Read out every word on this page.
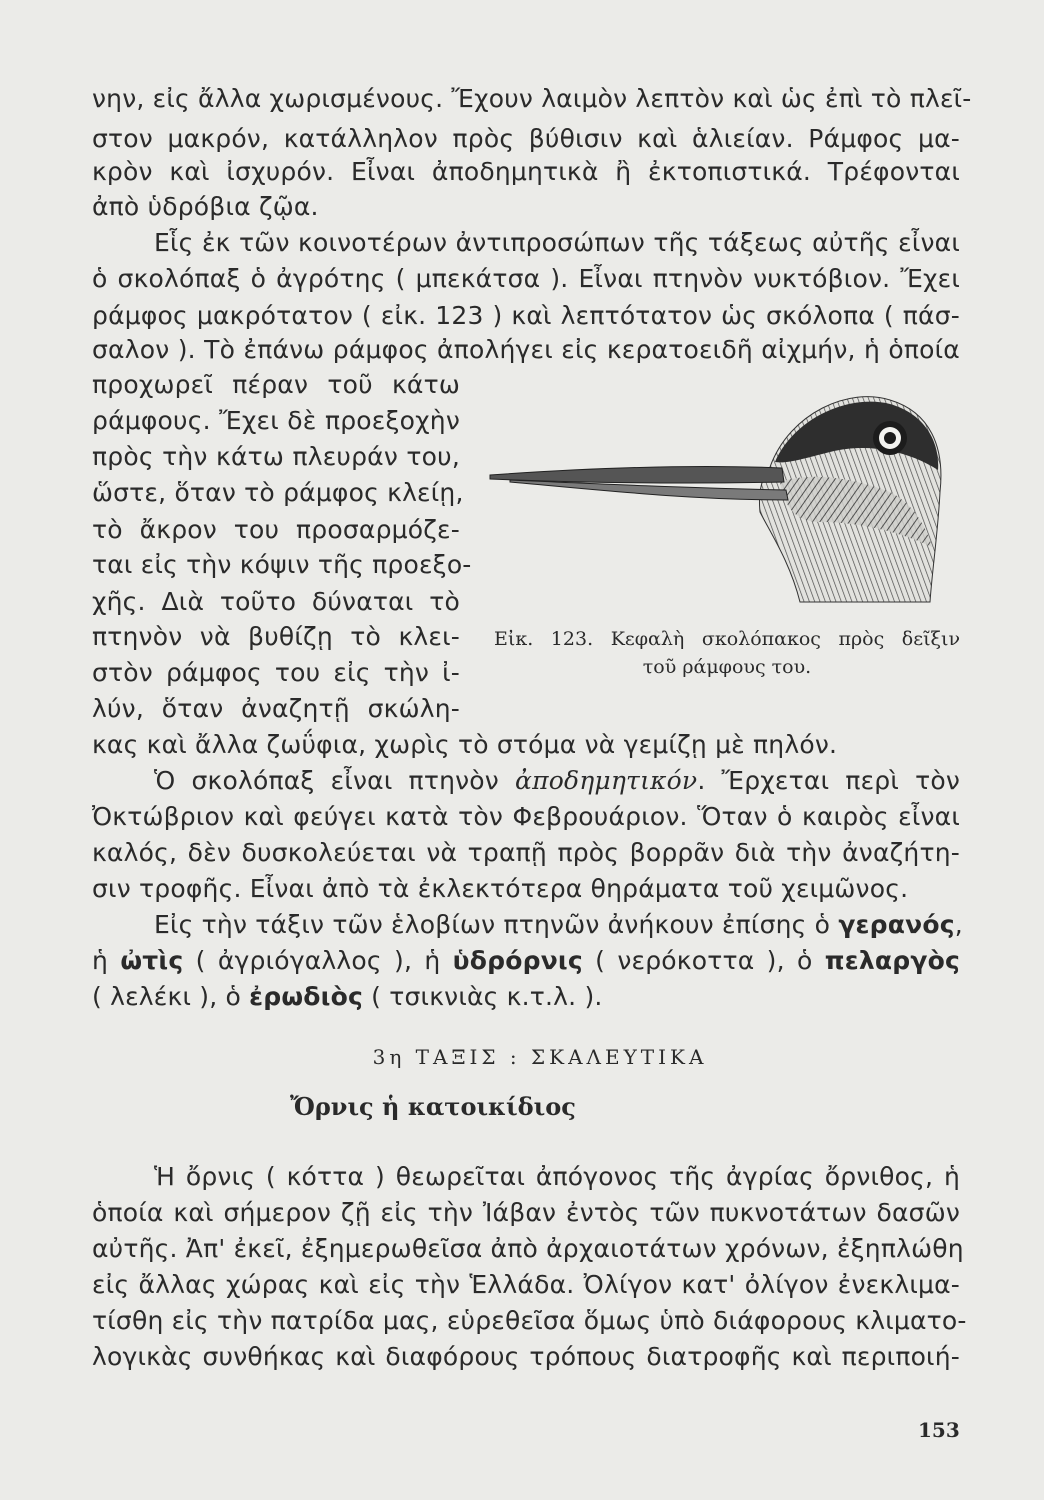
νην, εἰς ἄλλα χωρισμένους. Ἔχουν λαιμὸν λεπτὸν καὶ ὡς ἐπὶ τὸ πλεῖ-
στον μακρόν, κατάλληλον πρὸς βύθισιν καὶ ἁλιείαν. Ράμφος μα-
κρὸν καὶ ἰσχυρόν. Εἶναι ἀποδημητικὰ ἢ ἐκτοπιστικά. Τρέφονται
ἀπὸ ὑδρόβια ζῷα.
Εἷς ἐκ τῶν κοινοτέρων ἀντιπροσώπων τῆς τάξεως αὐτῆς εἶναι
ὁ σκολόπαξ ὁ ἀγρότης ( μπεκάτσα ). Εἶναι πτηνὸν νυκτόβιον. Ἔχει
ράμφος μακρότατον ( εἰκ. 123 ) καὶ λεπτότατον ὡς σκόλοπα ( πάσ-
σαλον ). Τὸ ἐπάνω ράμφος ἀπολήγει εἰς κερατοειδῆ αἰχμήν, ἡ ὁποία
προχωρεῖ πέραν τοῦ κάτω
ράμφους. Ἔχει δὲ προεξοχὴν
πρὸς τὴν κάτω πλευράν του,
ὥστε, ὅταν τὸ ράμφος κλείῃ,
τὸ ἄκρον του προσαρμόζε-
ται εἰς τὴν κόψιν τῆς προεξο-
χῆς. Διὰ τοῦτο δύναται τὸ
πτηνὸν νὰ βυθίζῃ τὸ κλει-
στὸν ράμφος του εἰς τὴν ἰ-
λύν, ὅταν ἀναζητῇ σκώλη-
κας καὶ ἄλλα ζωΰφια, χωρὶς τὸ στόμα νὰ γεμίζῃ μὲ πηλόν.
Εἰκ. 123. Κεφαλὴ σκολόπακος πρὸς δεῖξιν
τοῦ ράμφους του.
Ὁ σκολόπαξ εἶναι πτηνὸν ἀποδημητικόν. Ἔρχεται περὶ τὸν
Ὀκτώβριον καὶ φεύγει κατὰ τὸν Φεβρουάριον. Ὅταν ὁ καιρὸς εἶναι
καλός, δὲν δυσκολεύεται νὰ τραπῇ πρὸς βορρᾶν διὰ τὴν ἀναζήτη-
σιν τροφῆς. Εἶναι ἀπὸ τὰ ἐκλεκτότερα θηράματα τοῦ χειμῶνος.
Εἰς τὴν τάξιν τῶν ἑλοβίων πτηνῶν ἀνήκουν ἐπίσης ὁ γερανός,
ἡ ὠτὶς ( ἀγριόγαλλος ), ἡ ὑδρόρνις ( νερόκοττα ), ὁ πελαργὸς
( λελέκι ), ὁ ἐρωδιὸς ( τσικνιὰς κ.τ.λ. ).
3η ΤΑΞΙΣ : ΣΚΑΛΕΥΤΙΚΑ
Ὄρνις ἡ κατοικίδιος
Ἡ ὄρνις ( κόττα ) θεωρεῖται ἀπόγονος τῆς ἀγρίας ὄρνιθος, ἡ
ὁποία καὶ σήμερον ζῇ εἰς τὴν Ἰάβαν ἐντὸς τῶν πυκνοτάτων δασῶν
αὐτῆς. Ἀπ' ἐκεῖ, ἐξημερωθεῖσα ἀπὸ ἀρχαιοτάτων χρόνων, ἐξηπλώθη
εἰς ἄλλας χώρας καὶ εἰς τὴν Ἑλλάδα. Ὀλίγον κατ' ὀλίγον ἐνεκλιμα-
τίσθη εἰς τὴν πατρίδα μας, εὑρεθεῖσα ὅμως ὑπὸ διάφορους κλιματο-
λογικὰς συνθήκας καὶ διαφόρους τρόπους διατροφῆς καὶ περιποιή-
153
